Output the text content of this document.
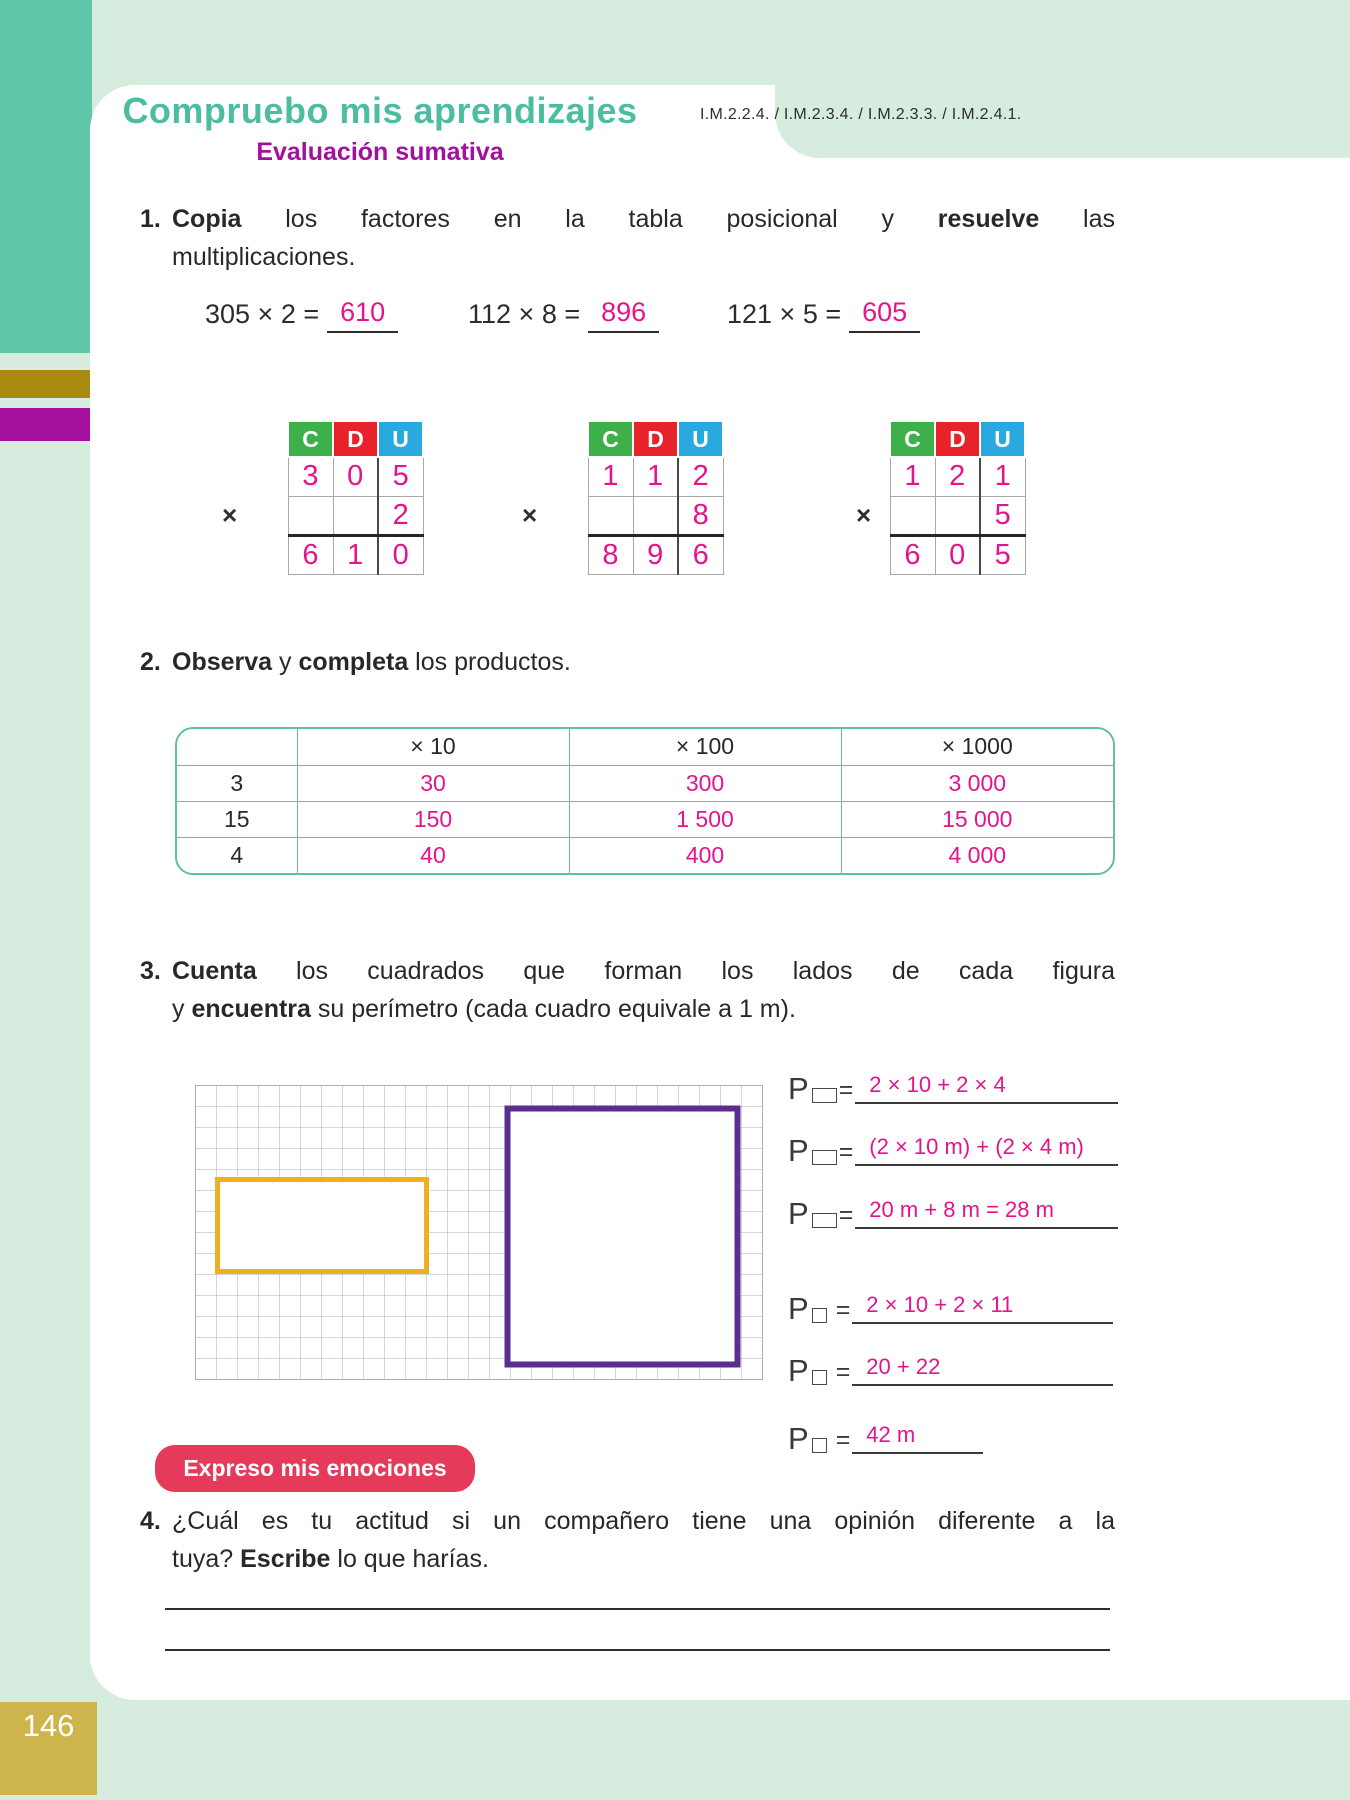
I.M.2.2.4. / I.M.2.3.4. / I.M.2.3.3. / I.M.2.4.1.
Compruebo mis aprendizajes
Evaluación sumativa
1. Copia los factores en la tabla posicional y resuelve las
multiplicaciones.
305 × 2 = 610	112 × 8 = 896	121 × 5 = 605
×
C	D	U
3	0	5
		2
6	1	0
×
C	D	U
1	1	2
		8
8	9	6
×
C	D	U
1	2	1
		5
6	0	5
2. Observa y completa los productos.
	× 10	× 100	× 1000
3	30	300	3 000
15	150	1 500	15 000
4	40	400	4 000
3. Cuenta los cuadrados que forman los lados de cada figura
y encuentra su perímetro (cada cuadro equivale a 1 m).
P = 2 × 10 + 2 × 4
P = (2 × 10 m) + (2 × 4 m)
P = 20 m + 8 m = 28 m
P = 2 × 10 + 2 × 11
P = 20 + 22
P = 42 m
Expreso mis emociones
4. ¿Cuál es tu actitud si un compañero tiene una opinión diferente a la
tuya? Escribe lo que harías.
146
